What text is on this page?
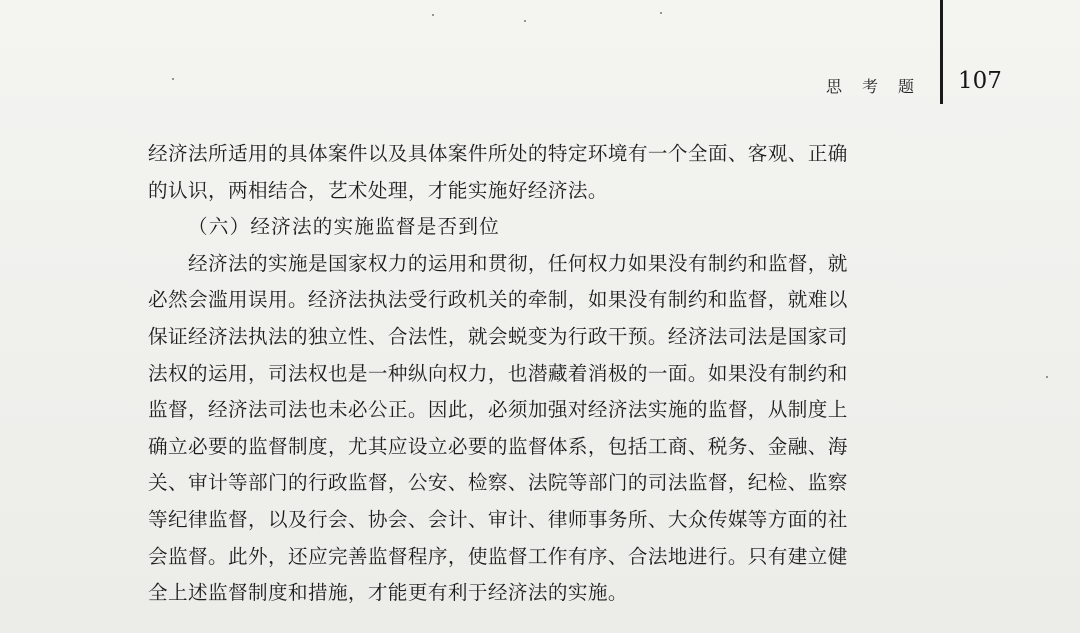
思考题 107
经济法所适用的具体案件以及具体案件所处的特定环境有一个全面、客观、正确
的认识，两相结合，艺术处理，才能实施好经济法。
（六）经济法的实施监督是否到位
经济法的实施是国家权力的运用和贯彻，任何权力如果没有制约和监督，就
必然会滥用误用。经济法执法受行政机关的牵制，如果没有制约和监督，就难以
保证经济法执法的独立性、合法性，就会蜕变为行政干预。经济法司法是国家司
法权的运用，司法权也是一种纵向权力，也潜藏着消极的一面。如果没有制约和
监督，经济法司法也未必公正。因此，必须加强对经济法实施的监督，从制度上
确立必要的监督制度，尤其应设立必要的监督体系，包括工商、税务、金融、海
关、审计等部门的行政监督，公安、检察、法院等部门的司法监督，纪检、监察
等纪律监督，以及行会、协会、会计、审计、律师事务所、大众传媒等方面的社
会监督。此外，还应完善监督程序，使监督工作有序、合法地进行。只有建立健
全上述监督制度和措施，才能更有利于经济法的实施。
